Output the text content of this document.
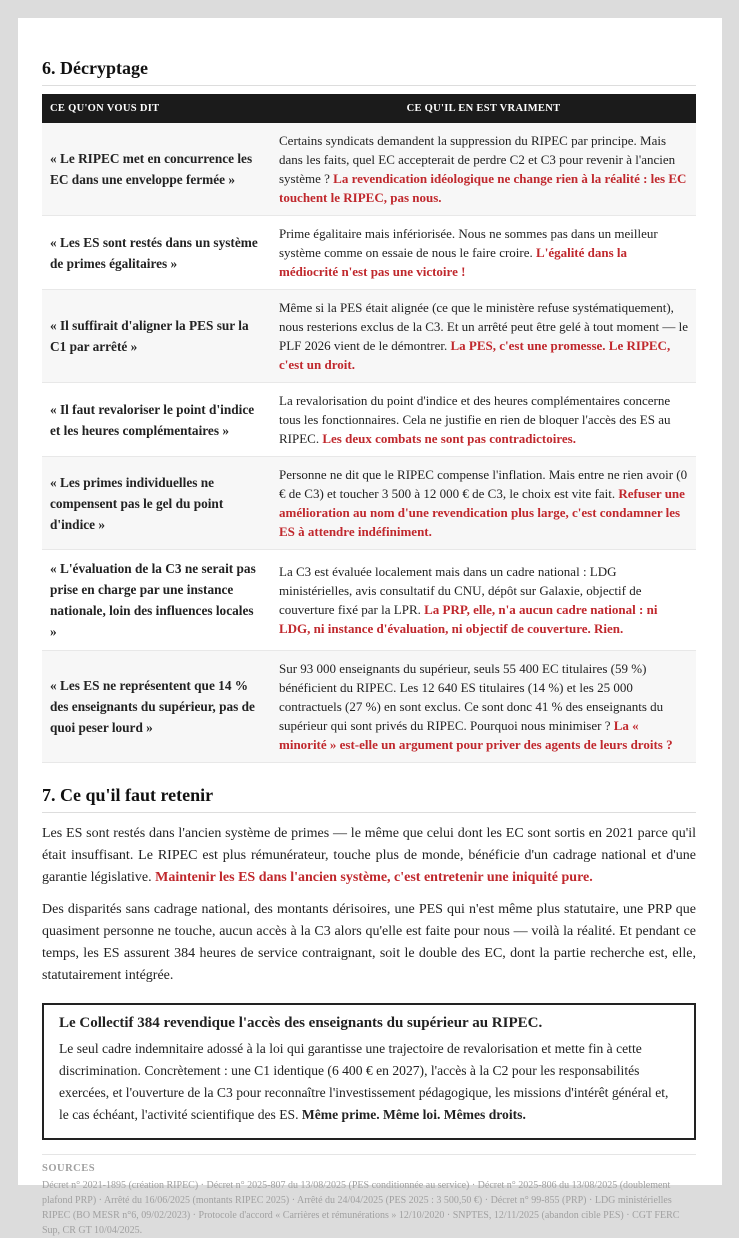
6. Décryptage
CE QU'ON VOUS DIT	CE QU'IL EN EST VRAIMENT
« Le RIPEC met en concurrence les EC dans une enveloppe fermée »	Certains syndicats demandent la suppression du RIPEC par principe. Mais dans les faits, quel EC accepterait de perdre C2 et C3 pour revenir à l'ancien système ? La revendication idéologique ne change rien à la réalité : les EC touchent le RIPEC, pas nous.
« Les ES sont restés dans un système de primes égalitaires »	Prime égalitaire mais infériorisée. Nous ne sommes pas dans un meilleur système comme on essaie de nous le faire croire. L'égalité dans la médiocrité n'est pas une victoire !
« Il suffirait d'aligner la PES sur la C1 par arrêté »	Même si la PES était alignée (ce que le ministère refuse systématiquement), nous resterions exclus de la C3. Et un arrêté peut être gelé à tout moment — le PLF 2026 vient de le démontrer. La PES, c'est une promesse. Le RIPEC, c'est un droit.
« Il faut revaloriser le point d'indice et les heures complémentaires »	La revalorisation du point d'indice et des heures complémentaires concerne tous les fonctionnaires. Cela ne justifie en rien de bloquer l'accès des ES au RIPEC. Les deux combats ne sont pas contradictoires.
« Les primes individuelles ne compensent pas le gel du point d'indice »	Personne ne dit que le RIPEC compense l'inflation. Mais entre ne rien avoir (0 € de C3) et toucher 3 500 à 12 000 € de C3, le choix est vite fait. Refuser une amélioration au nom d'une revendication plus large, c'est condamner les ES à attendre indéfiniment.
« L'évaluation de la C3 ne serait pas prise en charge par une instance nationale, loin des influences locales »	La C3 est évaluée localement mais dans un cadre national : LDG ministérielles, avis consultatif du CNU, dépôt sur Galaxie, objectif de couverture fixé par la LPR. La PRP, elle, n'a aucun cadre national : ni LDG, ni instance d'évaluation, ni objectif de couverture. Rien.
« Les ES ne représentent que 14 % des enseignants du supérieur, pas de quoi peser lourd »	Sur 93 000 enseignants du supérieur, seuls 55 400 EC titulaires (59 %) bénéficient du RIPEC. Les 12 640 ES titulaires (14 %) et les 25 000 contractuels (27 %) en sont exclus. Ce sont donc 41 % des enseignants du supérieur qui sont privés du RIPEC. Pourquoi nous minimiser ? La « minorité » est-elle un argument pour priver des agents de leurs droits ?
7. Ce qu'il faut retenir

Les ES sont restés dans l'ancien système de primes — le même que celui dont les EC sont sortis en 2021 parce qu'il était insuffisant. Le RIPEC est plus rémunérateur, touche plus de monde, bénéficie d'un cadrage national et d'une garantie législative. Maintenir les ES dans l'ancien système, c'est entretenir une iniquité pure.

Des disparités sans cadrage national, des montants dérisoires, une PES qui n'est même plus statutaire, une PRP que quasiment personne ne touche, aucun accès à la C3 alors qu'elle est faite pour nous — voilà la réalité. Et pendant ce temps, les ES assurent 384 heures de service contraignant, soit le double des EC, dont la partie recherche est, elle, statutairement intégrée.

Le Collectif 384 revendique l'accès des enseignants du supérieur au RIPEC.

Le seul cadre indemnitaire adossé à la loi qui garantisse une trajectoire de revalorisation et mette fin à cette discrimination. Concrètement : une C1 identique (6 400 € en 2027), l'accès à la C2 pour les responsabilités exercées, et l'ouverture de la C3 pour reconnaître l'investissement pédagogique, les missions d'intérêt général et, le cas échéant, l'activité scientifique des ES. Même prime. Même loi. Mêmes droits.

SOURCES
Décret n° 2021-1895 (création RIPEC) · Décret n° 2025-807 du 13/08/2025 (PES conditionnée au service) · Décret n° 2025-806 du 13/08/2025 (doublement plafond PRP) · Arrêté du 16/06/2025 (montants RIPEC 2025) · Arrêté du 24/04/2025 (PES 2025 : 3 500,50 €) · Décret n° 99-855 (PRP) · LDG ministérielles RIPEC (BO MESR n°6, 09/02/2023) · Protocole d'accord « Carrières et rémunérations » 12/10/2020 · SNPTES, 12/11/2025 (abandon cible PES) · CGT FERC Sup, CR GT 10/04/2025.
